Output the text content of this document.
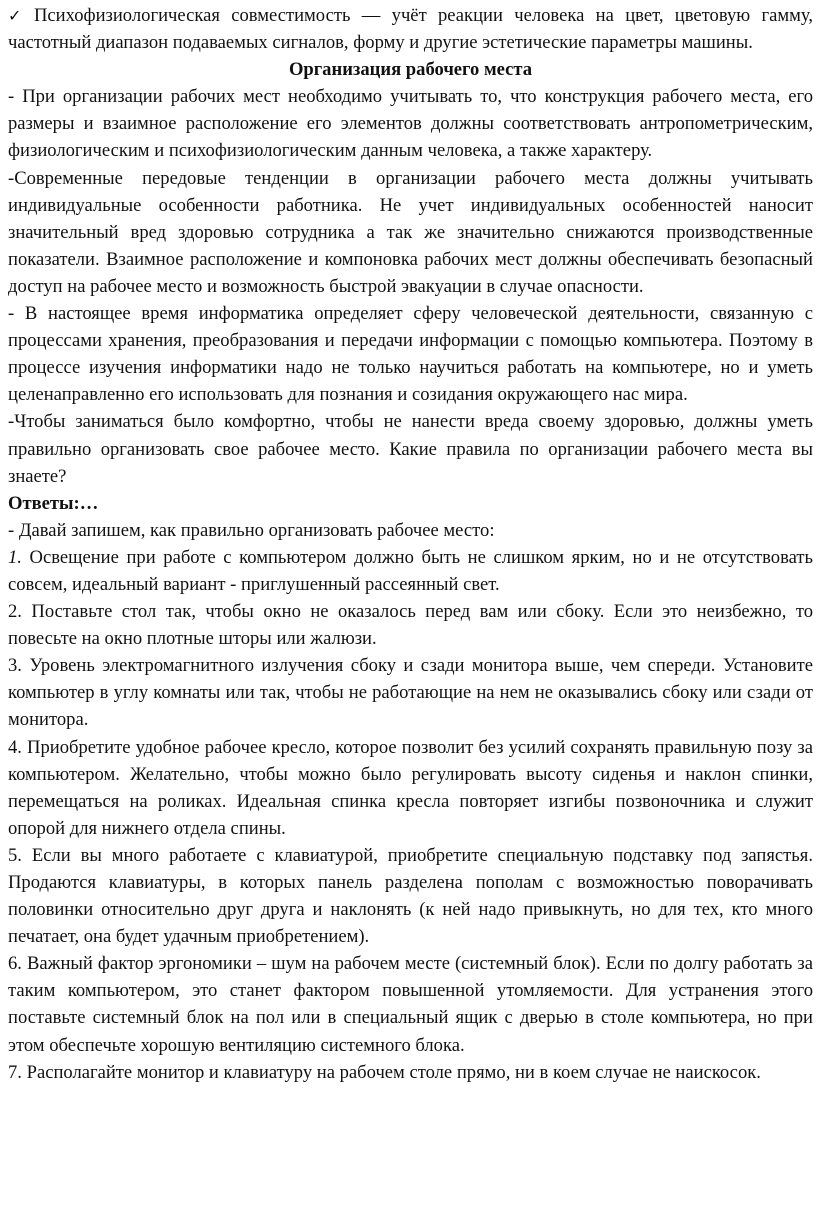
✓ Психофизиологическая совместимость — учёт реакции человека на цвет, цветовую гамму, частотный диапазон подаваемых сигналов, форму и другие эстетические параметры машины.

Организация рабочего места

- При организации рабочих мест необходимо учитывать то, что конструкция рабочего места, его размеры и взаимное расположение его элементов должны соответствовать антропометрическим, физиологическим и психофизиологическим данным человека, а также характеру.

-Современные передовые тенденции в организации рабочего места должны учитывать индивидуальные особенности работника. Не учет индивидуальных особенностей наносит значительный вред здоровью сотрудника а так же значительно снижаются производственные показатели. Взаимное расположение и компоновка рабочих мест должны обеспечивать безопасный доступ на рабочее место и возможность быстрой эвакуации в случае опасности.

- В настоящее время информатика определяет сферу человеческой деятельности, связанную с процессами хранения, преобразования и передачи информации с помощью компьютера. Поэтому в процессе изучения информатики надо не только научиться работать на компьютере, но и уметь целенаправленно его использовать для познания и созидания окружающего нас мира.

-Чтобы заниматься было комфортно, чтобы не нанести вреда своему здоровью, должны уметь правильно организовать свое рабочее место. Какие правила по организации рабочего места вы знаете?

Ответы:…

- Давай запишем, как правильно организовать рабочее место:

1. Освещение при работе с компьютером должно быть не слишком ярким, но и не отсутствовать совсем, идеальный вариант - приглушенный рассеянный свет.

2. Поставьте стол так, чтобы окно не оказалось перед вам или сбоку. Если это неизбежно, то повесьте на окно плотные шторы или жалюзи.

3. Уровень электромагнитного излучения сбоку и сзади монитора выше, чем спереди. Установите компьютер в углу комнаты или так, чтобы не работающие на нем не оказывались сбоку или сзади от монитора.

4. Приобретите удобное рабочее кресло, которое позволит без усилий сохранять правильную позу за компьютером. Желательно, чтобы можно было регулировать высоту сиденья и наклон спинки, перемещаться на роликах. Идеальная спинка кресла повторяет изгибы позвоночника и служит опорой для нижнего отдела спины.

5. Если вы много работаете с клавиатурой, приобретите специальную подставку под запястья. Продаются клавиатуры, в которых панель разделена пополам с возможностью поворачивать половинки относительно друг друга и наклонять (к ней надо привыкнуть, но для тех, кто много печатает, она будет удачным приобретением).

6. Важный фактор эргономики – шум на рабочем месте (системный блок). Если по долгу работать за таким компьютером, это станет фактором повышенной утомляемости. Для устранения этого поставьте системный блок на пол или в специальный ящик с дверью в столе компьютера, но при этом обеспечьте хорошую вентиляцию системного блока.

7. Располагайте монитор и клавиатуру на рабочем столе прямо, ни в коем случае не наискосок.
